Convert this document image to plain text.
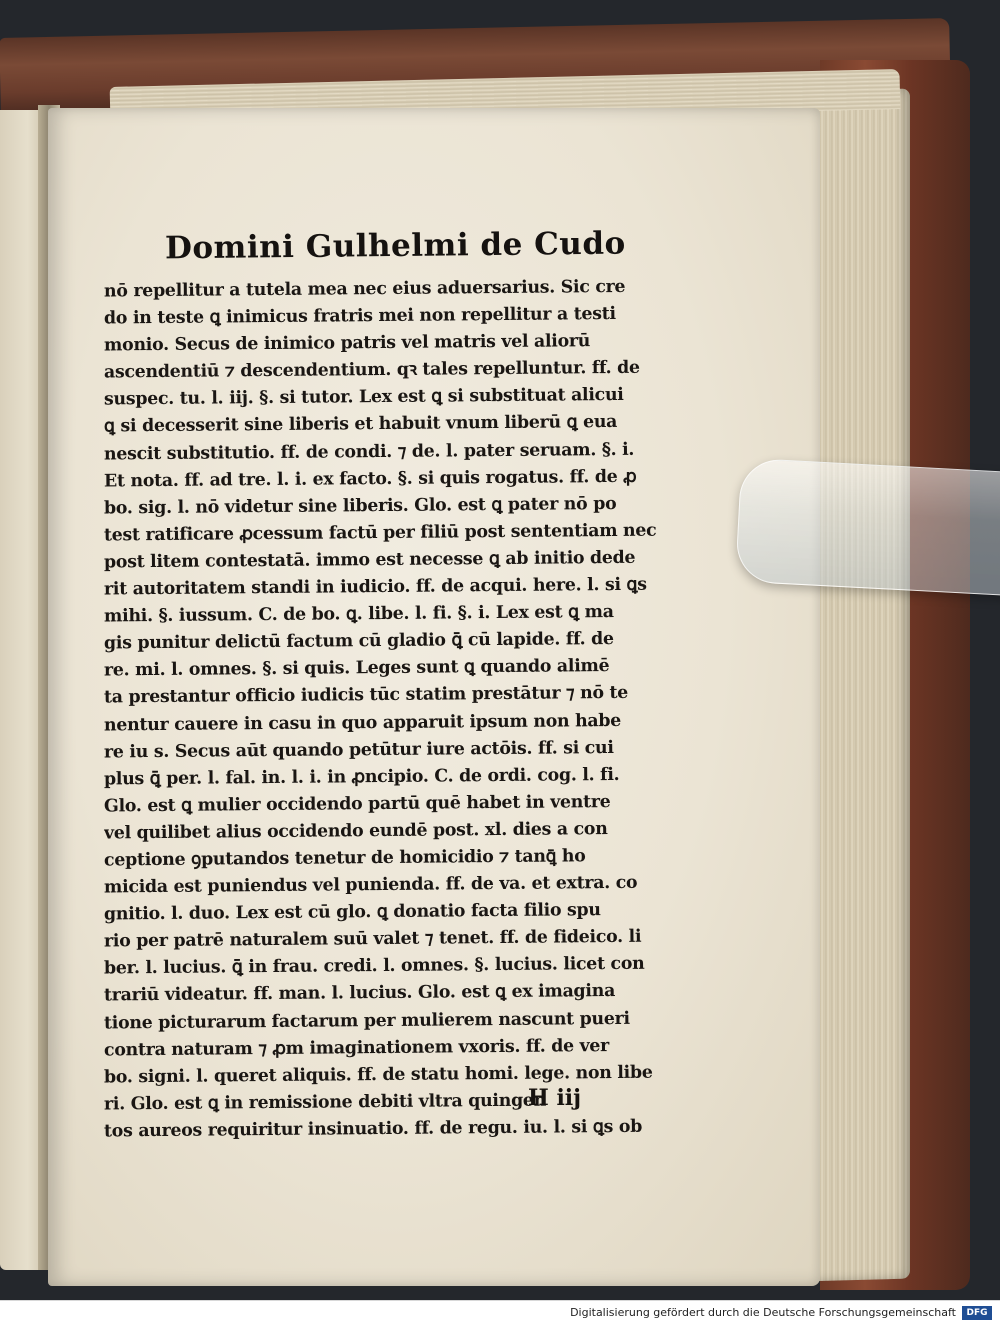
Domini Gulhelmi de Cudo
nō repellitur a tutela mea nec eius aduersarius. Sic cre
do in teste ꝗ inimicus fratris mei non repellitur a testi
monio. Secus de inimico patris vel matris vel aliorū
ascendentiū ⁊ descendentium. qꝛ tales repelluntur. ff. de
suspec. tu. l. iij. §. si tutor. Lex est ꝗ si substituat alicui
ꝗ si decesserit sine liberis et habuit vnum liberū ꝗ eua
nescit substitutio. ff. de condi. ⁊ de. l. pater seruam. §. i.
Et nota. ff. ad tre. l. i. ex facto. §. si quis rogatus. ff. de ꝓ
bo. sig. l. nō videtur sine liberis. Glo. est ꝗ pater nō po
test ratificare ꝓcessum factū per filiū post sententiam nec
post litem contestatā. immo est necesse ꝗ ab initio dede
rit autoritatem standi in iudicio. ff. de acqui. here. l. si ꝗs
mihi. §. iussum. C. de bo. ꝗ. libe. l. fi. §. i. Lex est ꝗ ma
gis punitur delictū factum cū gladio ꝗ̄ cū lapide. ff. de
re. mi. l. omnes. §. si quis. Leges sunt ꝗ quando alimē
ta prestantur officio iudicis tūc statim prestātur ⁊ nō te
nentur cauere in casu in quo apparuit ipsum non habe
re iu s. Secus aūt quando petūtur iure actōis. ff. si cui
plus ꝗ̄ per. l. fal. in. l. i. in ꝓncipio. C. de ordi. cog. l. fi.
Glo. est ꝗ mulier occidendo partū quē habet in ventre
vel quilibet alius occidendo eundē post. xl. dies a con
ceptione ꝯputandos tenetur de homicidio ⁊ tanꝗ̄ ho
micida est puniendus vel punienda. ff. de va. et extra. co
gnitio. l. duo. Lex est cū glo. ꝗ donatio facta filio spu
rio per patrē naturalem suū valet ⁊ tenet. ff. de fideico. li
ber. l. lucius. ꝗ̄ in frau. credi. l. omnes. §. lucius. licet con
trariū videatur. ff. man. l. lucius. Glo. est ꝗ ex imagina
tione picturarum factarum per mulierem nascunt pueri
contra naturam ⁊ ꝓm imaginationem vxoris. ff. de ver
bo. signi. l. queret aliquis. ff. de statu homi. lege. non libe
ri. Glo. est ꝗ in remissione debiti vltra quingen
tos aureos requiritur insinuatio. ff. de regu. iu. l. si ꝗs ob
H iij
Digitalisierung gefördert durch die Deutsche Forschungsgemeinschaft	DFG
